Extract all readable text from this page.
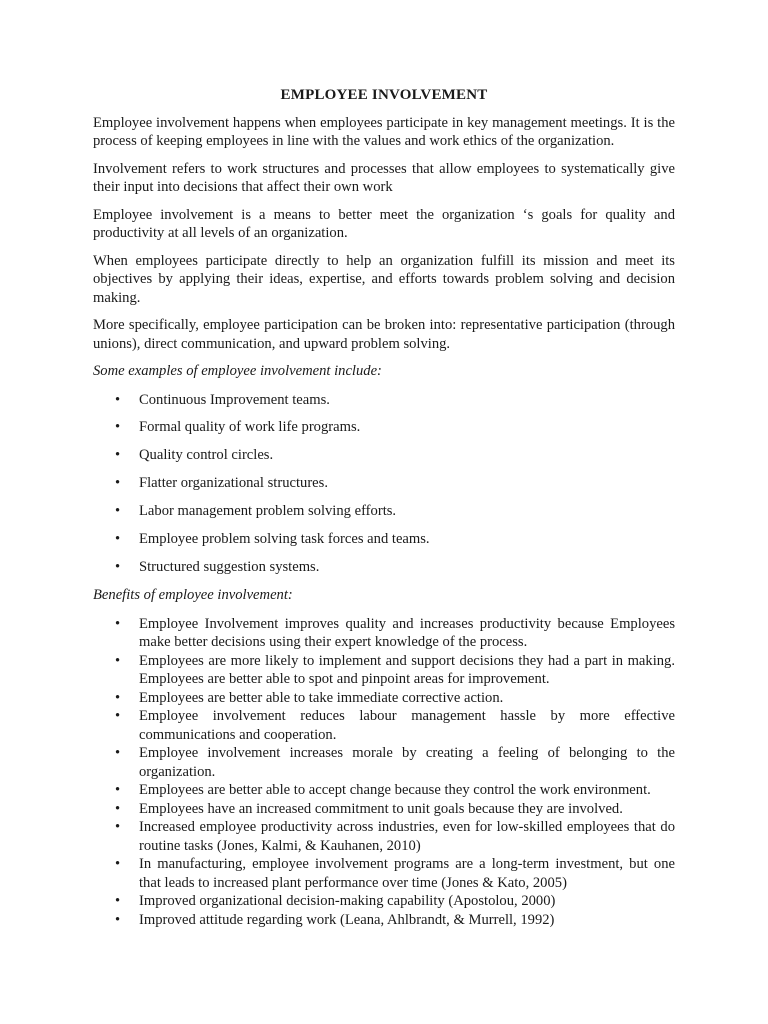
EMPLOYEE INVOLVEMENT

Employee involvement happens when employees participate in key management meetings. It is the process of keeping employees in line with the values and work ethics of the organization.

Involvement refers to work structures and processes that allow employees to systematically give their input into decisions that affect their own work

Employee involvement is a means to better meet the organization ‘s goals for quality and productivity at all levels of an organization.

When employees participate directly to help an organization fulfill its mission and meet its objectives by applying their ideas, expertise, and efforts towards problem solving and decision making.

More specifically, employee participation can be broken into: representative participation (through unions), direct communication, and upward problem solving.

Some examples of employee involvement include:
• Continuous Improvement teams.
• Formal quality of work life programs.
• Quality control circles.
• Flatter organizational structures.
• Labor management problem solving efforts.
• Employee problem solving task forces and teams.
• Structured suggestion systems.
Benefits of employee involvement:
• Employee Involvement improves quality and increases productivity because Employees make better decisions using their expert knowledge of the process.
• Employees are more likely to implement and support decisions they had a part in making. Employees are better able to spot and pinpoint areas for improvement.
• Employees are better able to take immediate corrective action.
• Employee involvement reduces labour management hassle by more effective communications and cooperation.
• Employee involvement increases morale by creating a feeling of belonging to the organization.
• Employees are better able to accept change because they control the work environment.
• Employees have an increased commitment to unit goals because they are involved.
• Increased employee productivity across industries, even for low-skilled employees that do routine tasks (Jones, Kalmi, & Kauhanen, 2010)
• In manufacturing, employee involvement programs are a long-term investment, but one that leads to increased plant performance over time (Jones & Kato, 2005)
• Improved organizational decision-making capability (Apostolou, 2000)
• Improved attitude regarding work (Leana, Ahlbrandt, & Murrell, 1992)
